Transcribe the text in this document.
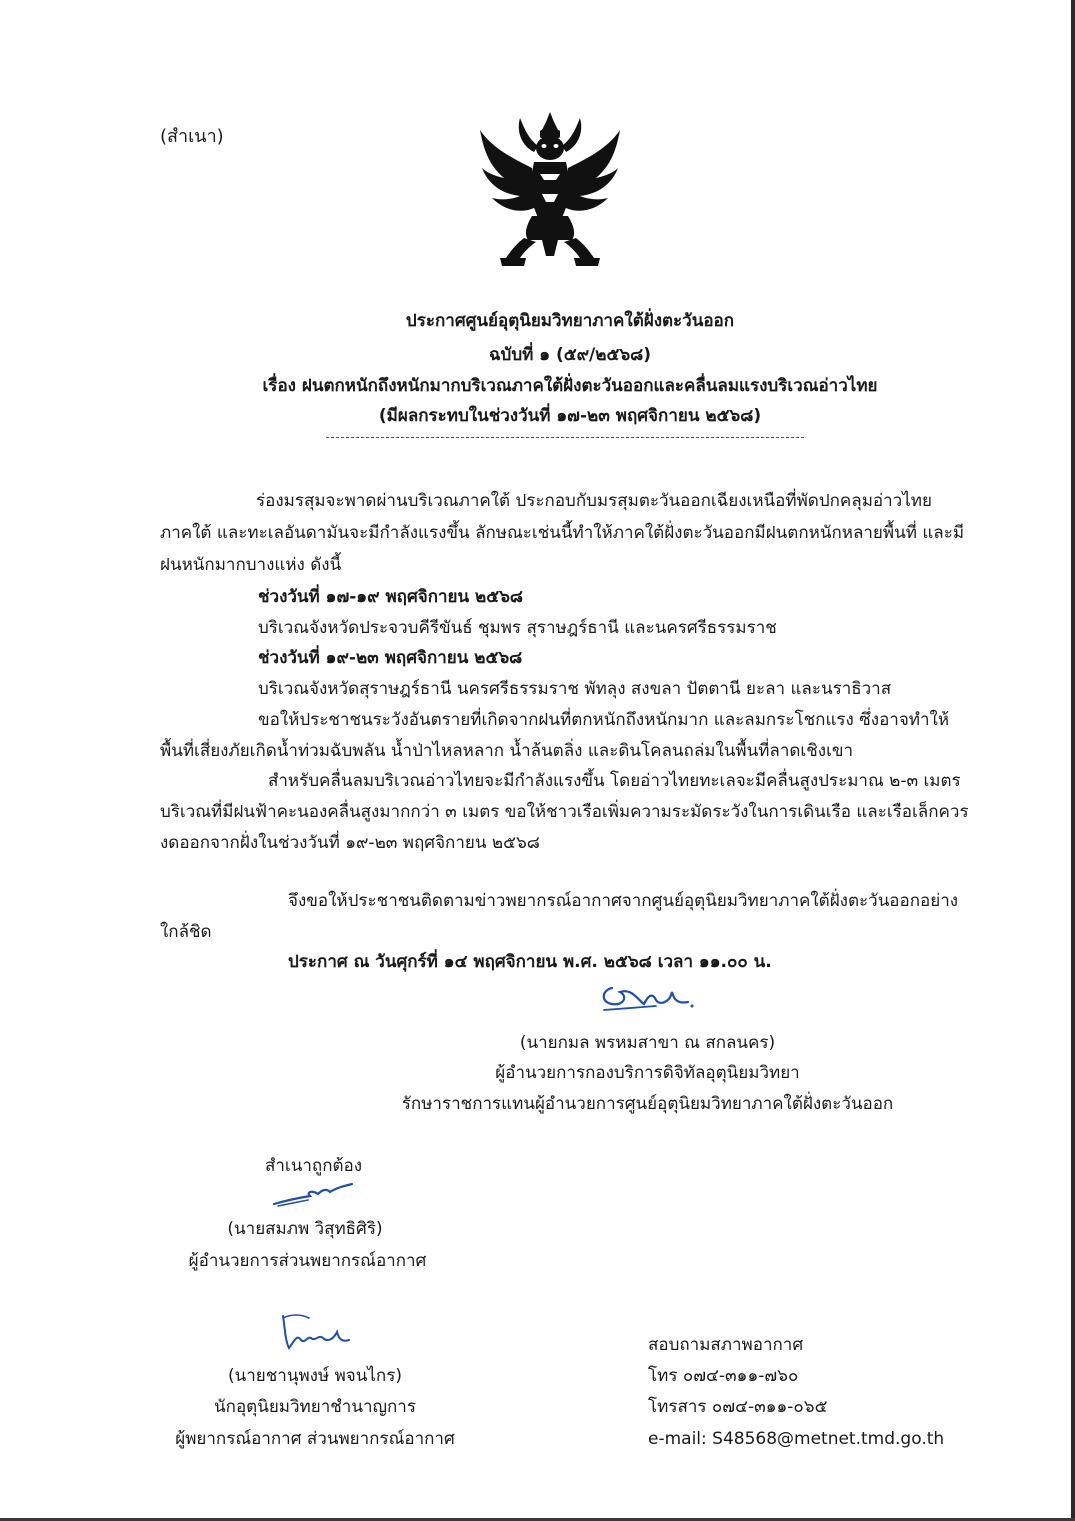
(สำเนา)
ประกาศศูนย์อุตุนิยมวิทยาภาคใต้ฝั่งตะวันออก
ฉบับที่ ๑ (๕๙/๒๕๖๘)
เรื่อง ฝนตกหนักถึงหนักมากบริเวณภาคใต้ฝั่งตะวันออกและคลื่นลมแรงบริเวณอ่าวไทย
(มีผลกระทบในช่วงวันที่ ๑๗-๒๓ พฤศจิกายน ๒๕๖๘)
ร่องมรสุมจะพาดผ่านบริเวณภาคใต้ ประกอบกับมรสุมตะวันออกเฉียงเหนือที่พัดปกคลุมอ่าวไทย
ภาคใต้ และทะเลอันดามันจะมีกำลังแรงขึ้น ลักษณะเช่นนี้ทำให้ภาคใต้ฝั่งตะวันออกมีฝนตกหนักหลายพื้นที่ และมี
ฝนหนักมากบางแห่ง ดังนี้
ช่วงวันที่ ๑๗-๑๙ พฤศจิกายน ๒๕๖๘
บริเวณจังหวัดประจวบคีรีขันธ์ ชุมพร สุราษฎร์ธานี และนครศรีธรรมราช
ช่วงวันที่ ๑๙-๒๓ พฤศจิกายน ๒๕๖๘
บริเวณจังหวัดสุราษฎร์ธานี นครศรีธรรมราช พัทลุง สงขลา ปัตตานี ยะลา และนราธิวาส
ขอให้ประชาชนระวังอันตรายที่เกิดจากฝนที่ตกหนักถึงหนักมาก และลมกระโชกแรง ซึ่งอาจทำให้
พื้นที่เสี่ยงภัยเกิดน้ำท่วมฉับพลัน น้ำป่าไหลหลาก น้ำล้นตลิ่ง และดินโคลนถล่มในพื้นที่ลาดเชิงเขา
สำหรับคลื่นลมบริเวณอ่าวไทยจะมีกำลังแรงขึ้น โดยอ่าวไทยทะเลจะมีคลื่นสูงประมาณ ๒-๓ เมตร
บริเวณที่มีฝนฟ้าคะนองคลื่นสูงมากกว่า ๓ เมตร ขอให้ชาวเรือเพิ่มความระมัดระวังในการเดินเรือ และเรือเล็กควร
งดออกจากฝั่งในช่วงวันที่ ๑๙-๒๓ พฤศจิกายน ๒๕๖๘
จึงขอให้ประชาชนติดตามข่าวพยากรณ์อากาศจากศูนย์อุตุนิยมวิทยาภาคใต้ฝั่งตะวันออกอย่าง
ใกล้ชิด
ประกาศ ณ วันศุกร์ที่ ๑๔ พฤศจิกายน พ.ศ. ๒๕๖๘ เวลา ๑๑.๐๐ น.
(นายกมล พรหมสาขา ณ สกลนคร)
ผู้อำนวยการกองบริการดิจิทัลอุตุนิยมวิทยา
รักษาราชการแทนผู้อำนวยการศูนย์อุตุนิยมวิทยาภาคใต้ฝั่งตะวันออก
สำเนาถูกต้อง
(นายสมภพ วิสุทธิศิริ)
ผู้อำนวยการส่วนพยากรณ์อากาศ
(นายชานุพงษ์ พจนไกร)
นักอุตุนิยมวิทยาชำนาญการ
ผู้พยากรณ์อากาศ ส่วนพยากรณ์อากาศ
สอบถามสภาพอากาศ
โทร ๐๗๔-๓๑๑-๗๖๐
โทรสาร ๐๗๔-๓๑๑-๐๖๕
e-mail: S48568@metnet.tmd.go.th
